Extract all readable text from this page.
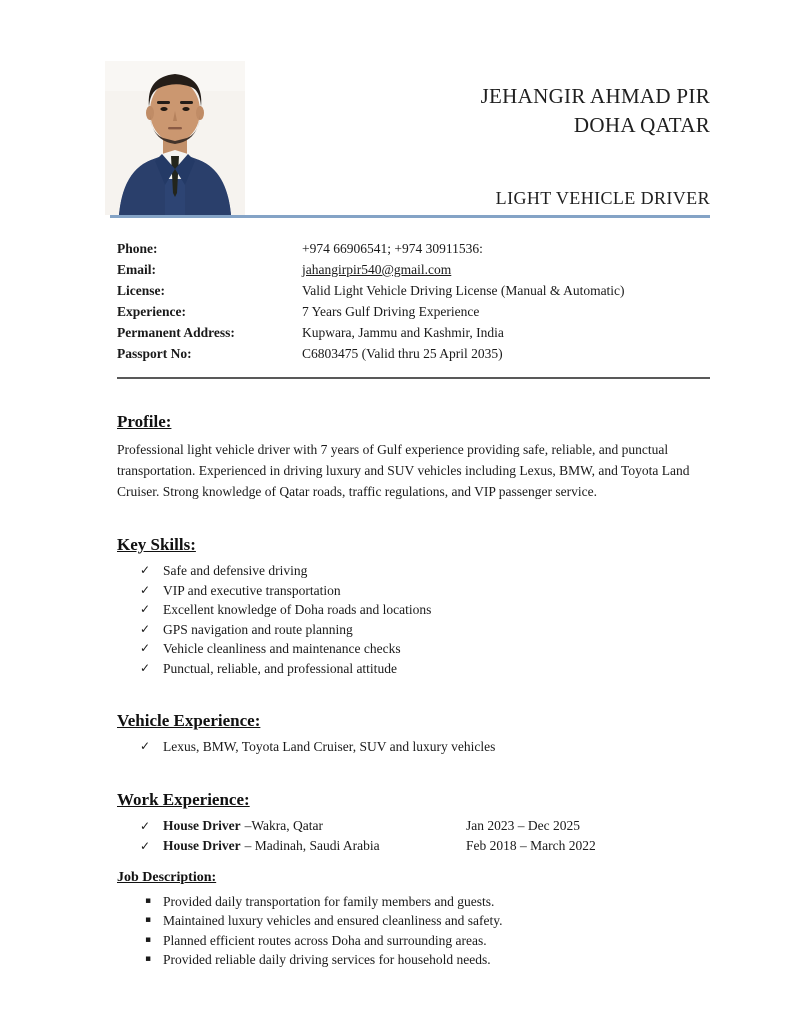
JEHANGIR AHMAD PIR
DOHA QATAR
LIGHT VEHICLE DRIVER
Phone:	+974 66906541; +974 30911536:
Email:	jahangirpir540@gmail.com
License:	Valid Light Vehicle Driving License (Manual & Automatic)
Experience:	7 Years Gulf Driving Experience
Permanent Address:	Kupwara, Jammu and Kashmir, India
Passport No:	C6803475 (Valid thru 25 April 2035)
Profile:
Professional light vehicle driver with 7 years of Gulf experience providing safe, reliable, and punctual transportation. Experienced in driving luxury and SUV vehicles including Lexus, BMW, and Toyota Land Cruiser. Strong knowledge of Qatar roads, traffic regulations, and VIP passenger service.
Key Skills:
✓ Safe and defensive driving
✓ VIP and executive transportation
✓ Excellent knowledge of Doha roads and locations
✓ GPS navigation and route planning
✓ Vehicle cleanliness and maintenance checks
✓ Punctual, reliable, and professional attitude
Vehicle Experience:
✓ Lexus, BMW, Toyota Land Cruiser, SUV and luxury vehicles
Work Experience:
✓ House Driver –Wakra, Qatar	Jan 2023 – Dec 2025
✓ House Driver – Madinah, Saudi Arabia	Feb 2018 – March 2022
Job Description:
▪ Provided daily transportation for family members and guests.
▪ Maintained luxury vehicles and ensured cleanliness and safety.
▪ Planned efficient routes across Doha and surrounding areas.
▪ Provided reliable daily driving services for household needs.
